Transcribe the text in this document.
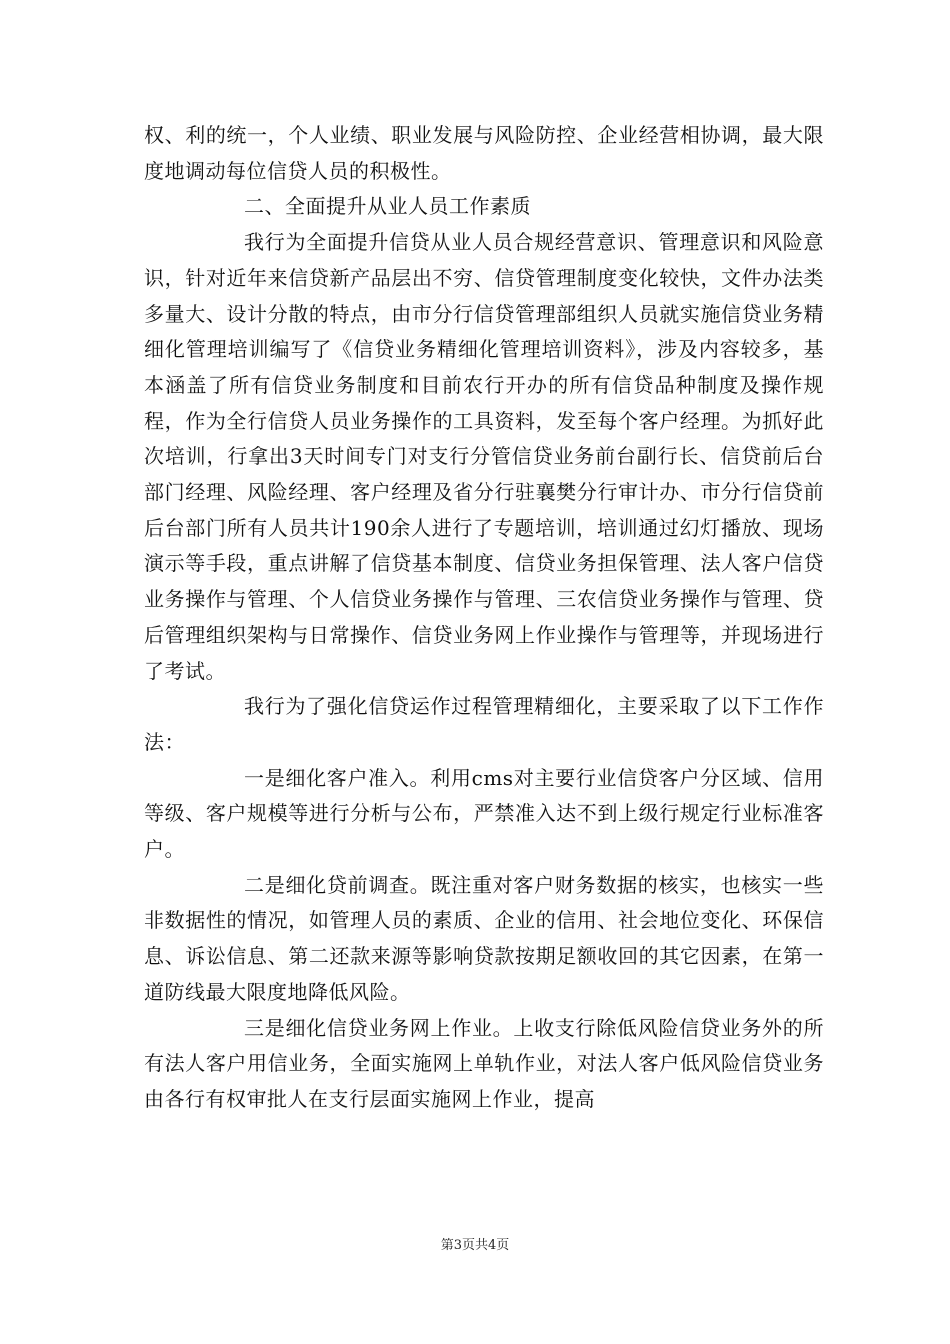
权、利的统一，个人业绩、职业发展与风险防控、企业经营相协调，最大限度地调动每位信贷人员的积极性。

二、全面提升从业人员工作素质

我行为全面提升信贷从业人员合规经营意识、管理意识和风险意识，针对近年来信贷新产品层出不穷、信贷管理制度变化较快，文件办法类多量大、设计分散的特点，由市分行信贷管理部组织人员就实施信贷业务精细化管理培训编写了《信贷业务精细化管理培训资料》，涉及内容较多，基本涵盖了所有信贷业务制度和目前农行开办的所有信贷品种制度及操作规程，作为全行信贷人员业务操作的工具资料，发至每个客户经理。为抓好此次培训，行拿出3天时间专门对支行分管信贷业务前台副行长、信贷前后台部门经理、风险经理、客户经理及省分行驻襄樊分行审计办、市分行信贷前后台部门所有人员共计190余人进行了专题培训，培训通过幻灯播放、现场演示等手段，重点讲解了信贷基本制度、信贷业务担保管理、法人客户信贷业务操作与管理、个人信贷业务操作与管理、三农信贷业务操作与管理、贷后管理组织架构与日常操作、信贷业务网上作业操作与管理等，并现场进行了考试。

我行为了强化信贷运作过程管理精细化，主要采取了以下工作作法：

一是细化客户准入。利用cms对主要行业信贷客户分区域、信用等级、客户规模等进行分析与公布，严禁准入达不到上级行规定行业标准客户。

二是细化贷前调查。既注重对客户财务数据的核实，也核实一些非数据性的情况，如管理人员的素质、企业的信用、社会地位变化、环保信息、诉讼信息、第二还款来源等影响贷款按期足额收回的其它因素，在第一道防线最大限度地降低风险。

三是细化信贷业务网上作业。上收支行除低风险信贷业务外的所有法人客户用信业务，全面实施网上单轨作业，对法人客户低风险信贷业务由各行有权审批人在支行层面实施网上作业，提高

第3页共4页
